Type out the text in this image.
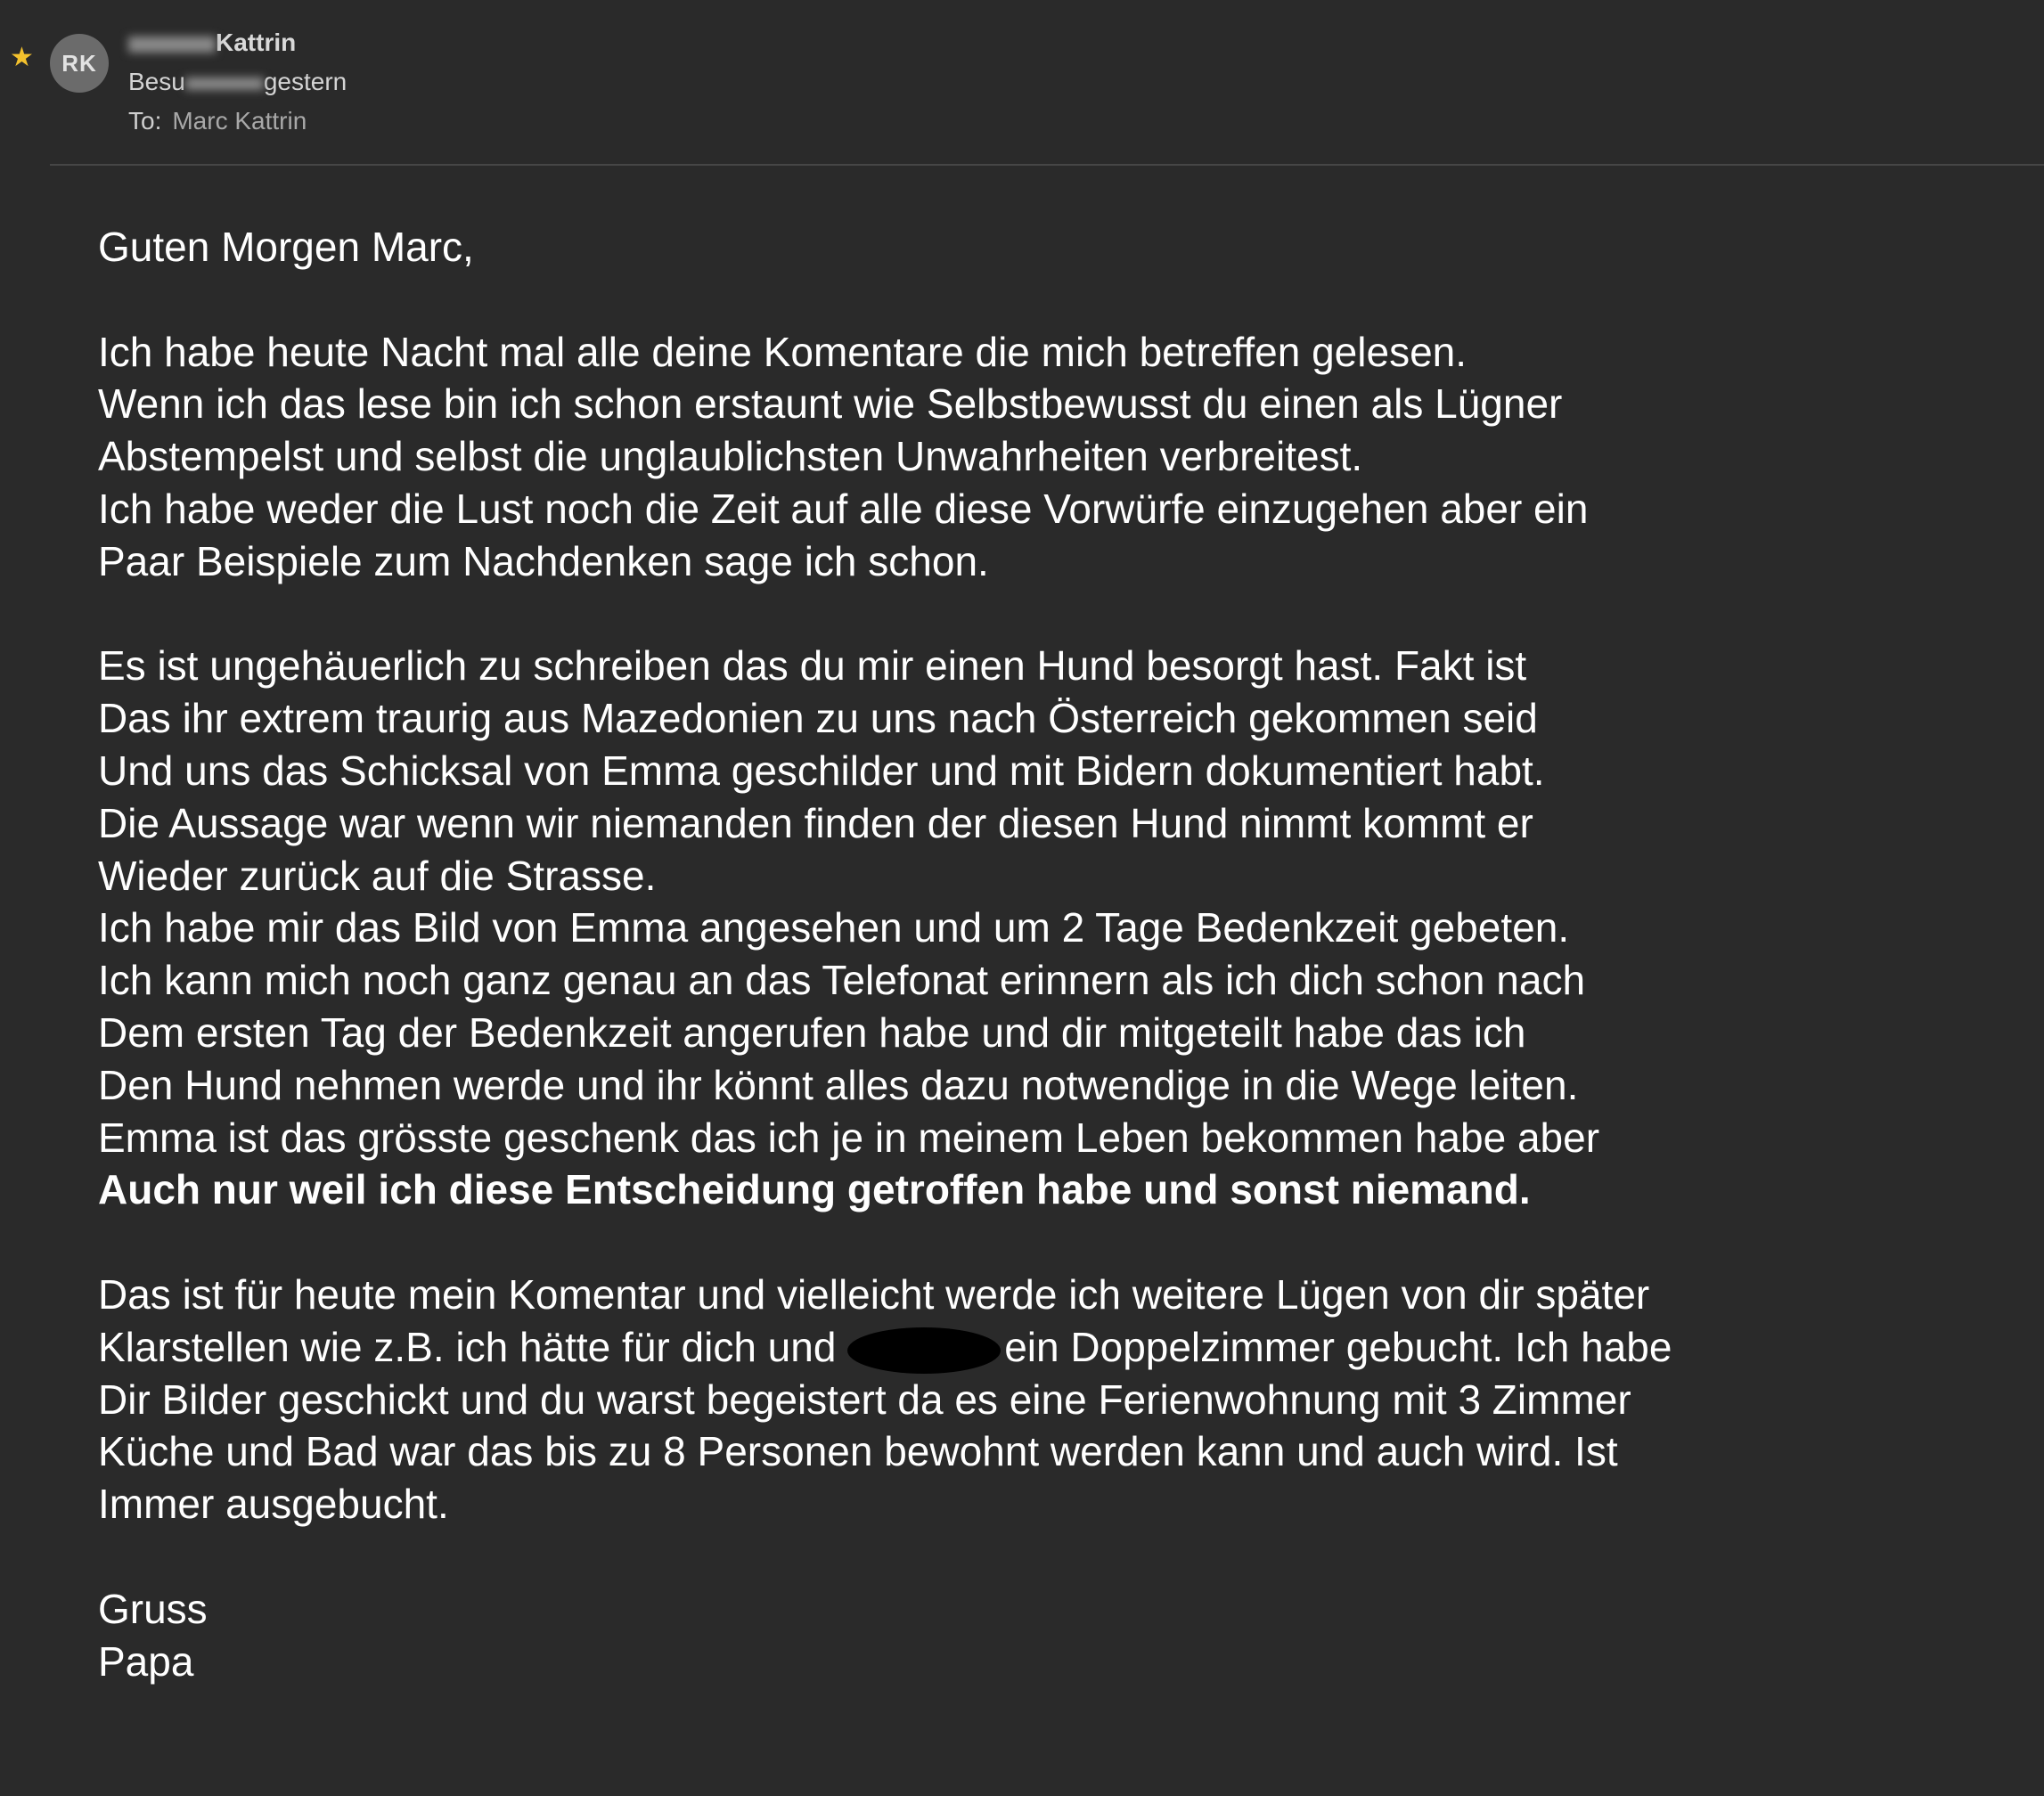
★	RK
Kattrin
Besu	gestern
To: Marc Kattrin
Guten Morgen Marc,
Ich habe heute Nacht mal alle deine Komentare die mich betreffen gelesen.
Wenn ich das lese bin ich schon erstaunt wie Selbstbewusst du einen als Lügner
Abstempelst und selbst die unglaublichsten Unwahrheiten verbreitest.
Ich habe weder die Lust noch die Zeit auf alle diese Vorwürfe einzugehen aber ein
Paar Beispiele zum Nachdenken sage ich schon.
Es ist ungehäuerlich zu schreiben das du mir einen Hund besorgt hast. Fakt ist
Das ihr extrem traurig aus Mazedonien zu uns nach Österreich gekommen seid
Und uns das Schicksal von Emma geschilder und mit Bidern dokumentiert habt.
Die Aussage war wenn wir niemanden finden der diesen Hund nimmt kommt er
Wieder zurück auf die Strasse.
Ich habe mir das Bild von Emma angesehen und um 2 Tage Bedenkzeit gebeten.
Ich kann mich noch ganz genau an das Telefonat erinnern als ich dich schon nach
Dem ersten Tag der Bedenkzeit angerufen habe und dir mitgeteilt habe das ich
Den Hund nehmen werde und ihr könnt alles dazu notwendige in die Wege leiten.
Emma ist das grösste geschenk das ich je in meinem Leben bekommen habe aber
Auch nur weil ich diese Entscheidung getroffen habe und sonst niemand.
Das ist für heute mein Komentar und vielleicht werde ich weitere Lügen von dir später
Klarstellen wie z.B. ich hätte für dich und	ein Doppelzimmer gebucht. Ich habe
Dir Bilder geschickt und du warst begeistert da es eine Ferienwohnung mit 3 Zimmer
Küche und Bad war das bis zu 8 Personen bewohnt werden kann und auch wird. Ist
Immer ausgebucht.
Gruss
Papa
